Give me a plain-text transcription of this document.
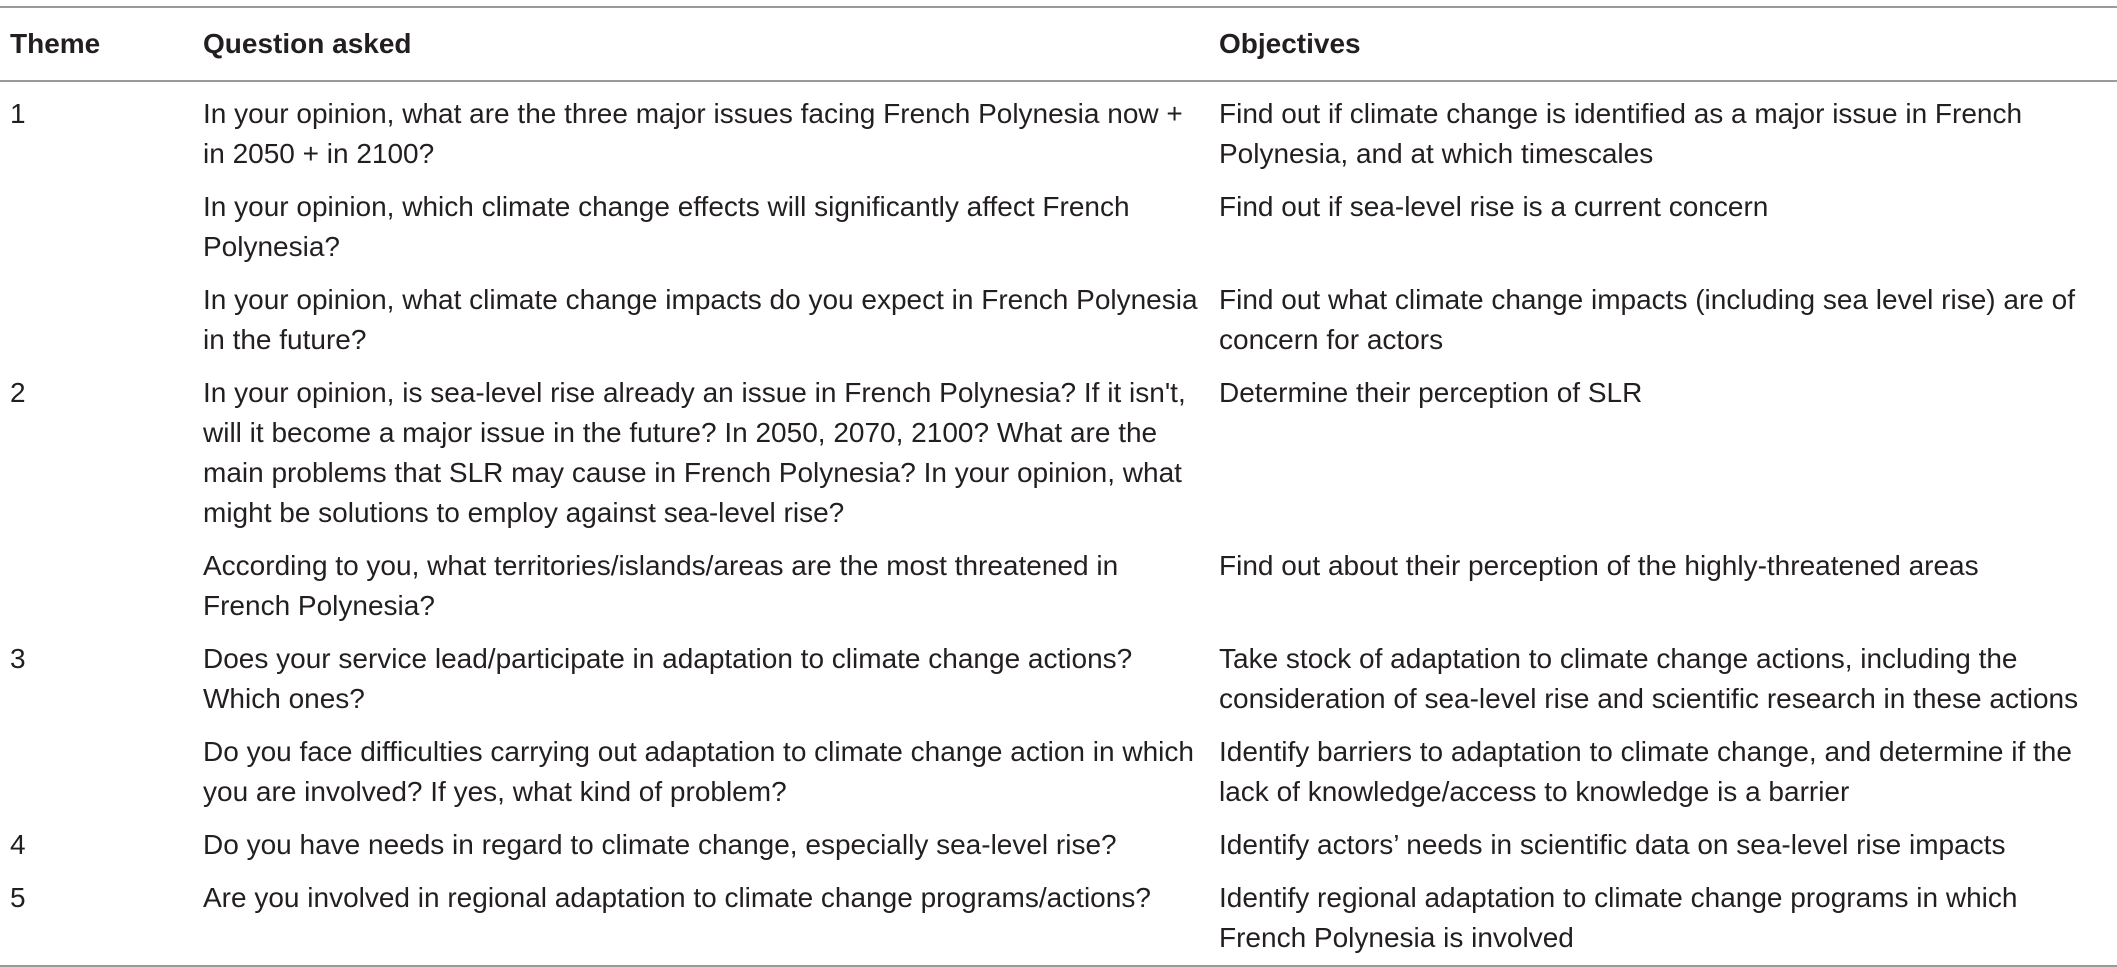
Theme	Question asked	Objectives
1	In your opinion, what are the three major issues facing French Polynesia now + in 2050 + in 2100?	Find out if climate change is identified as a major issue in French Polynesia, and at which timescales
	In your opinion, which climate change effects will significantly affect French Polynesia?	Find out if sea-level rise is a current concern
	In your opinion, what climate change impacts do you expect in French Polynesia in the future?	Find out what climate change impacts (including sea level rise) are of concern for actors
2	In your opinion, is sea-level rise already an issue in French Polynesia? If it isn't, will it become a major issue in the future? In 2050, 2070, 2100? What are the main problems that SLR may cause in French Polynesia? In your opinion, what might be solutions to employ against sea-level rise?	Determine their perception of SLR
	According to you, what territories/islands/areas are the most threatened in French Polynesia?	Find out about their perception of the highly-threatened areas
3	Does your service lead/participate in adaptation to climate change actions? Which ones?	Take stock of adaptation to climate change actions, including the consideration of sea-level rise and scientific research in these actions
	Do you face difficulties carrying out adaptation to climate change action in which you are involved? If yes, what kind of problem?	Identify barriers to adaptation to climate change, and determine if the lack of knowledge/access to knowledge is a barrier
4	Do you have needs in regard to climate change, especially sea-level rise?	Identify actors’ needs in scientific data on sea-level rise impacts
5	Are you involved in regional adaptation to climate change programs/actions?	Identify regional adaptation to climate change programs in which French Polynesia is involved
